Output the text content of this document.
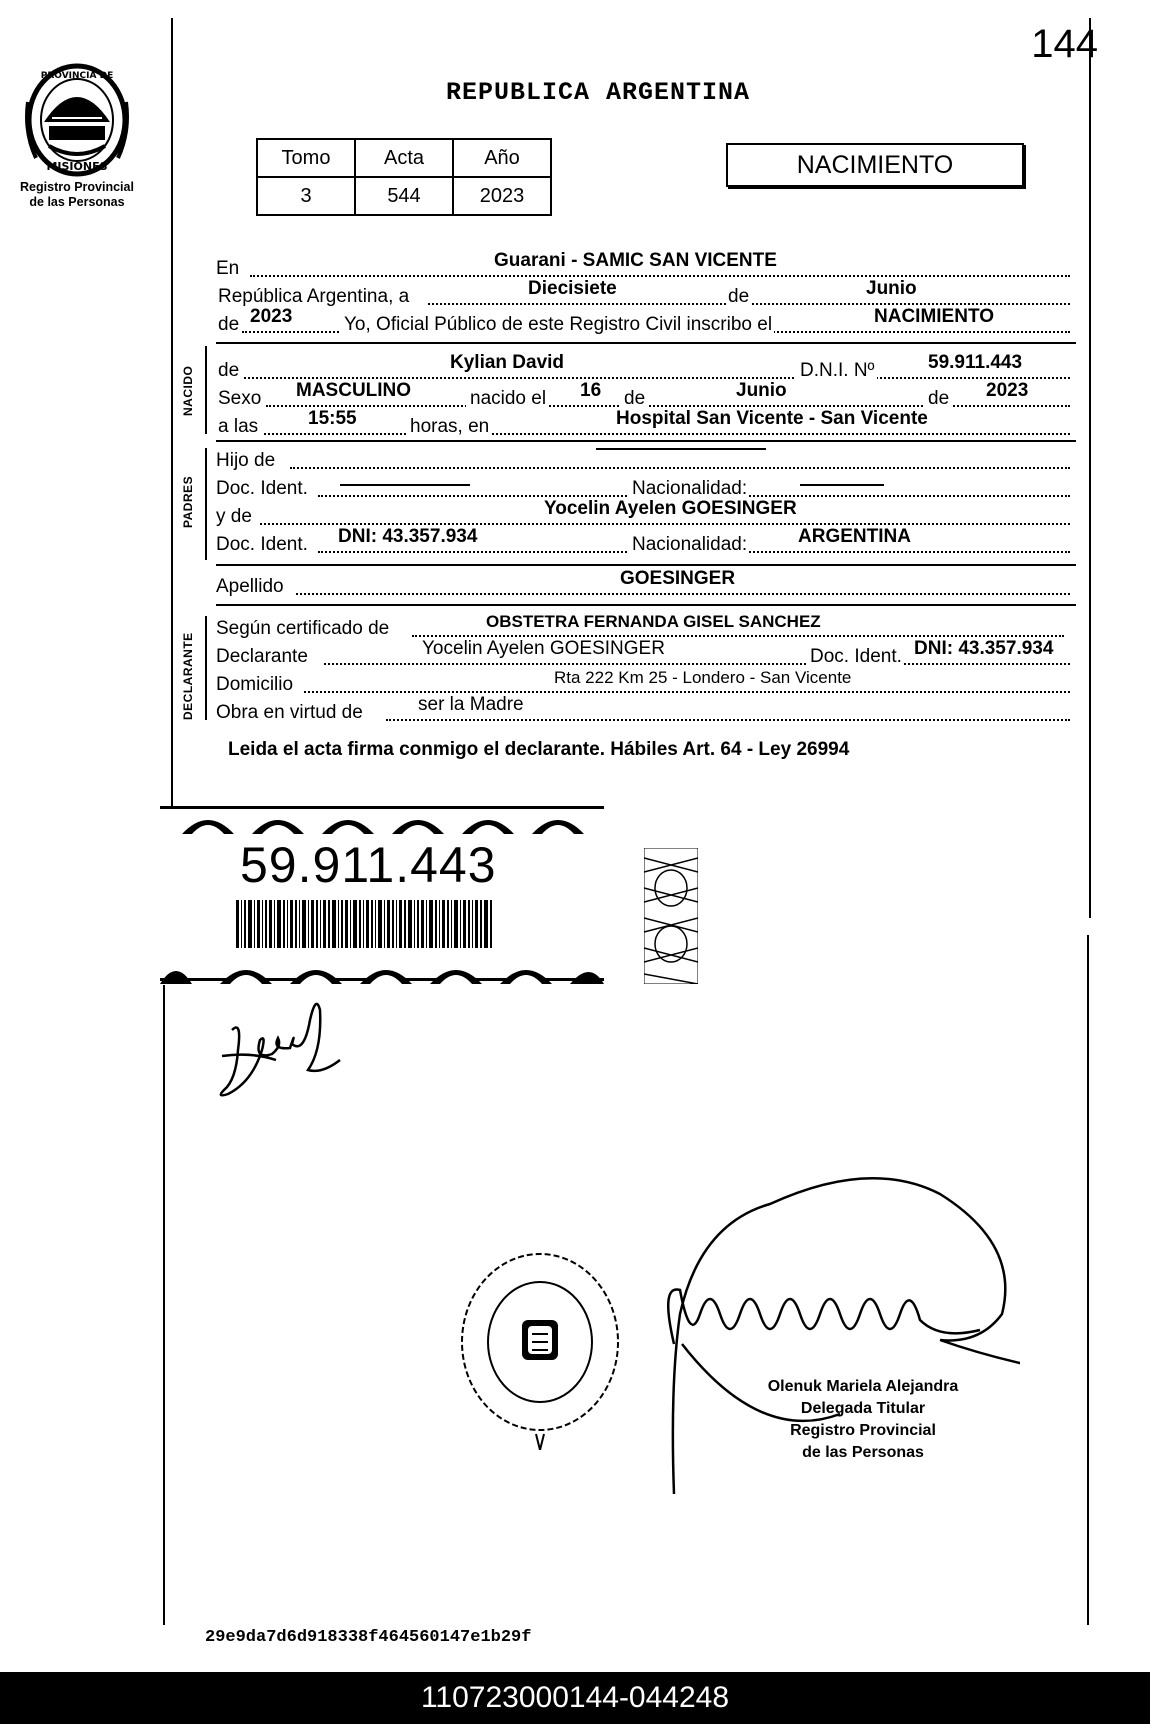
144
PROVINCIA DE
MISIONES
Registro Provincial
de las Personas
REPUBLICA ARGENTINA
Tomo	Acta	Año
3	544	2023
NACIMIENTO
En	Guarani - SAMIC SAN VICENTE
República Argentina, a	Diecisiete	de	Junio
de 2023	Yo, Oficial Público de este Registro Civil inscribo el	NACIMIENTO
NACIDO de	Kylian David	D.N.I. Nº	59.911.443
Sexo MASCULINO	nacido el 16 de	Junio	de 2023
a las	15:55	horas, en	Hospital San Vicente - San Vicente
PADRES
Hijo de
Doc. Ident.	Nacionalidad:
y de	Yocelin Ayelen GOESINGER
Doc. Ident. DNI: 43.357.934	Nacionalidad:	ARGENTINA
Apellido	GOESINGER
DECLARANTE
Según certificado de	OBSTETRA FERNANDA GISEL SANCHEZ
Declarante	Yocelin Ayelen GOESINGER	Doc. Ident. DNI: 43.357.934
Domicilio	Rta 222 Km 25 - Londero - San Vicente
Obra en virtud de	ser la Madre
Leida el acta firma conmigo el declarante. Hábiles Art. 64 - Ley 26994
59.911.443
Olenuk Mariela Alejandra
Delegada Titular
Registro Provincial
de las Personas
29e9da7d6d918338f464560147e1b29f
110723000144-044248
